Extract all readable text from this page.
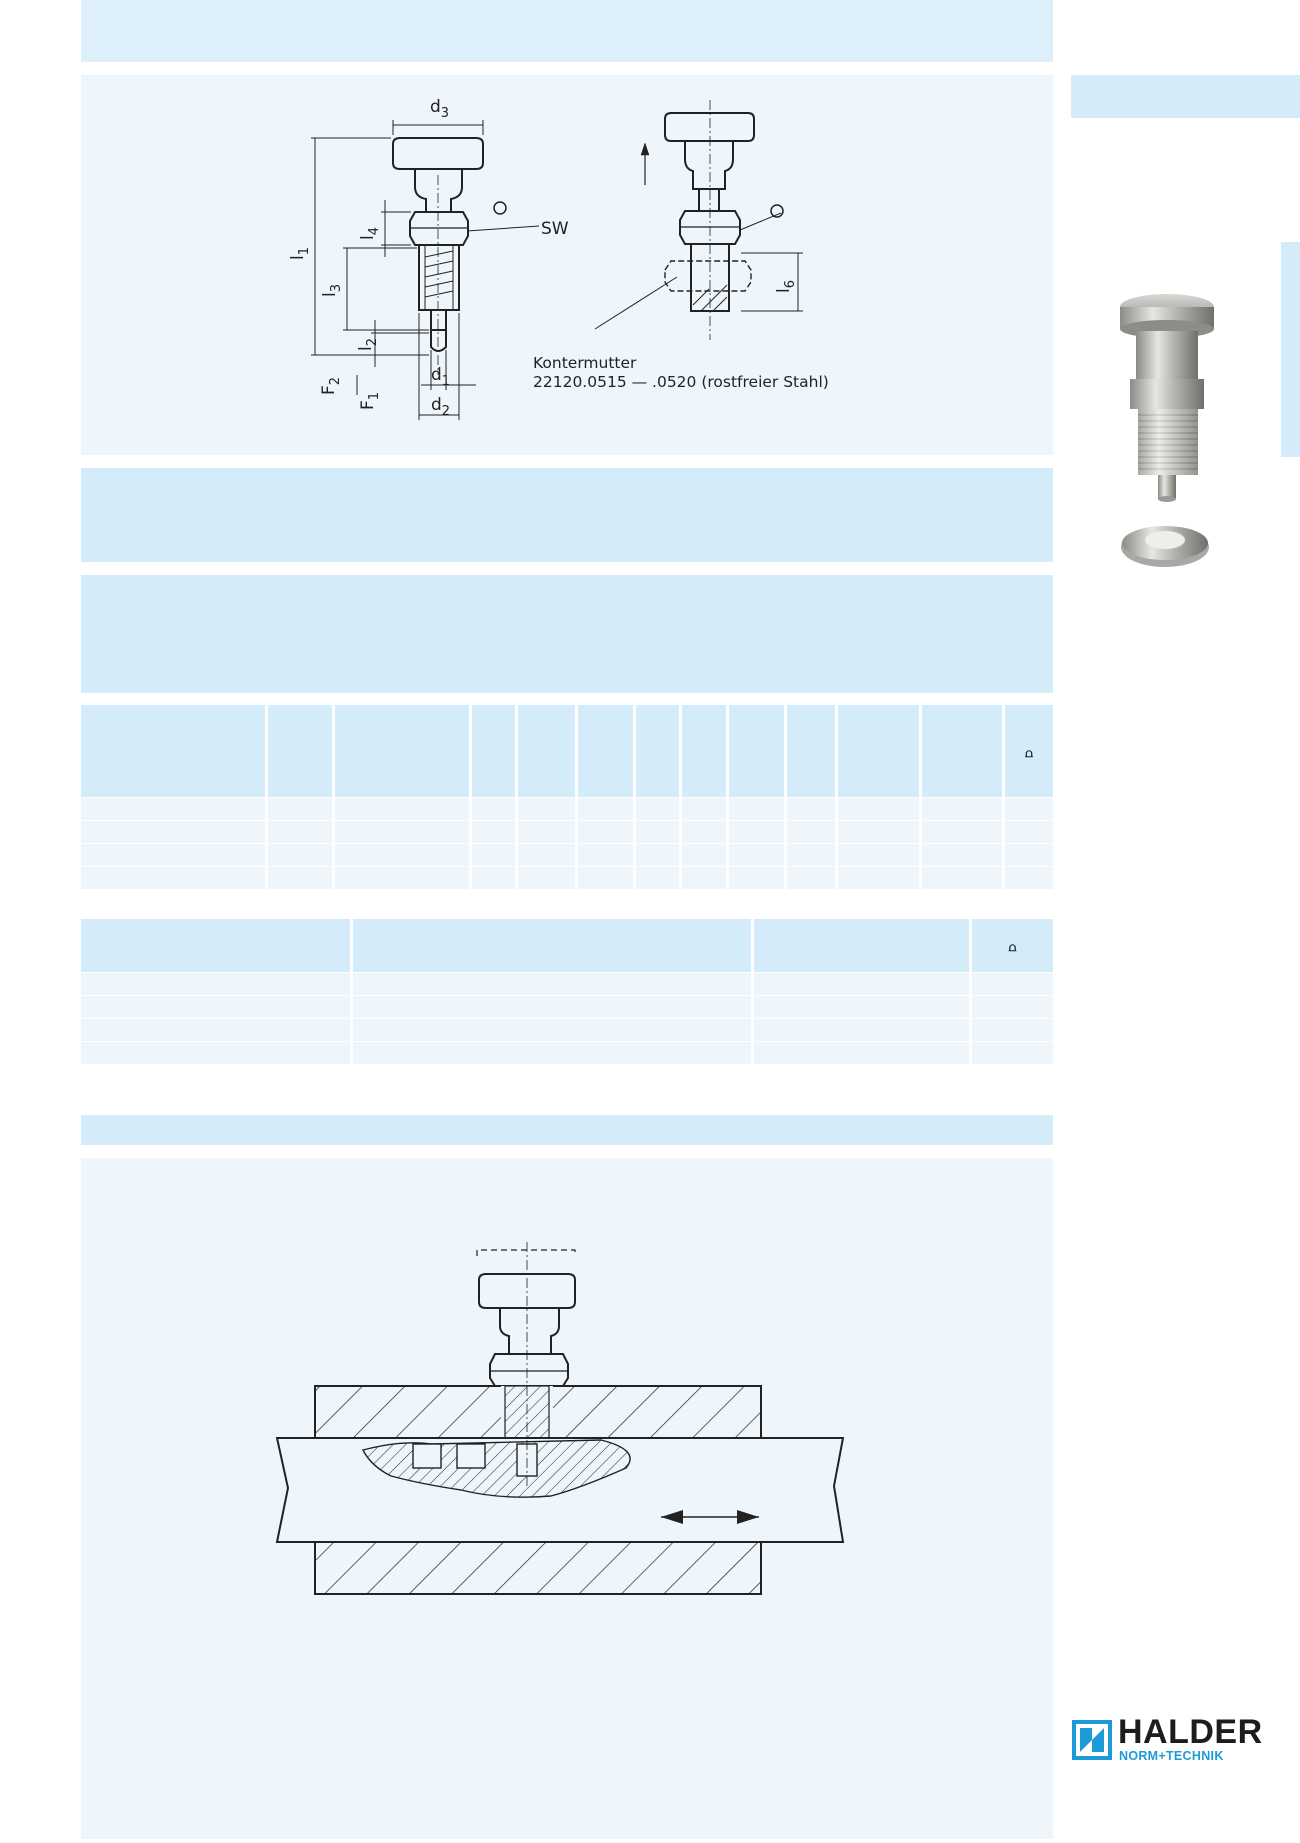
$d_3$
SW
$l_1$
$l_3$
$l_4$
$l_2$
$F_2$
$F_1$
$d_1$
$d_2$
$l_6$
Kontermutter
22120.0515 — .0520 (rostfreier Stahl)
												⩍

			⩍

HALDER
NORM+TECHNIK
